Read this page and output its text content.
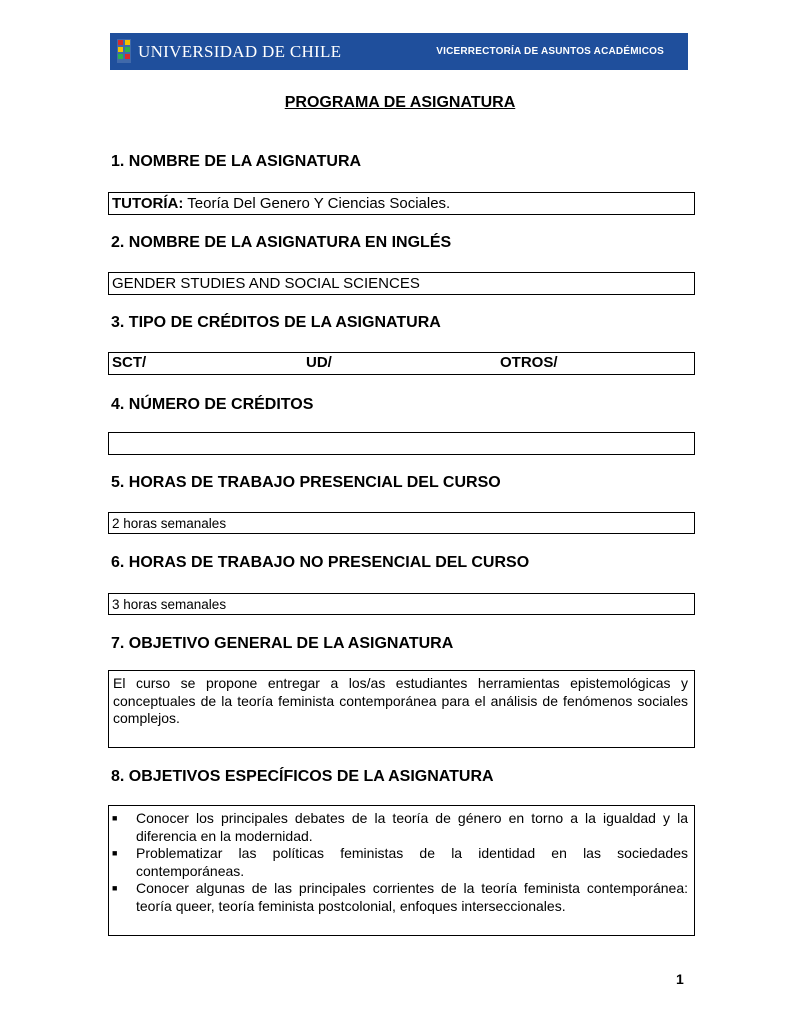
UNIVERSIDAD DE CHILE	VICERRECTORÍA DE ASUNTOS ACADÉMICOS
PROGRAMA DE ASIGNATURA
1. NOMBRE DE LA ASIGNATURA
TUTORÍA: Teoría Del Genero Y Ciencias Sociales.
2. NOMBRE DE LA ASIGNATURA EN INGLÉS
GENDER STUDIES AND SOCIAL SCIENCES
3. TIPO DE CRÉDITOS DE LA ASIGNATURA
SCT/	UD/	OTROS/
4. NÚMERO DE CRÉDITOS
5. HORAS DE TRABAJO PRESENCIAL DEL CURSO
2 horas semanales
6. HORAS DE TRABAJO NO PRESENCIAL DEL CURSO
3 horas semanales
7. OBJETIVO GENERAL DE LA ASIGNATURA
El curso se propone entregar a los/as estudiantes herramientas epistemológicas y conceptuales de la teoría feminista contemporánea para el análisis de fenómenos sociales complejos.
8. OBJETIVOS ESPECÍFICOS DE LA ASIGNATURA
■	Conocer los principales debates de la teoría de género en torno a la igualdad y la diferencia en la modernidad.
■	Problematizar las políticas feministas de la identidad en las sociedades contemporáneas.
■	Conocer algunas de las principales corrientes de la teoría feminista contemporánea: teoría queer, teoría feminista postcolonial, enfoques interseccionales.
1
